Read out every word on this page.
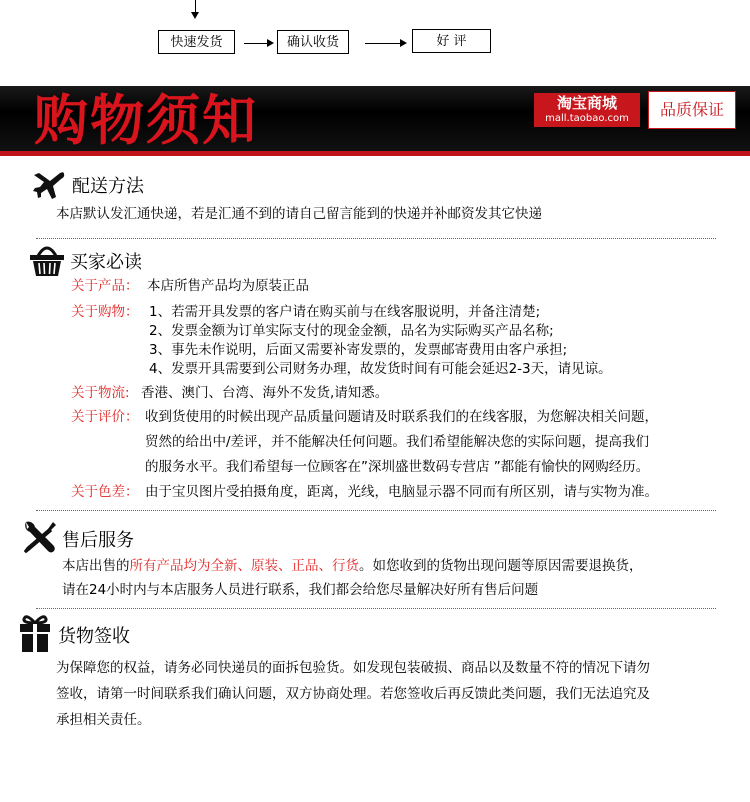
快速发货	确认收货	好 评
购物须知	淘宝商城
mall.taobao.com	品质保证
配送方法
本店默认发汇通快递，若是汇通不到的请自己留言能到的快递并补邮资发其它快递
买家必读
关于产品： 本店所售产品均为原装正品
关于购物： 1、若需开具发票的客户请在购买前与在线客服说明，并备注清楚;
2、发票金额为订单实际支付的现金金额，品名为实际购买产品名称;
3、事先未作说明，后面又需要补寄发票的，发票邮寄费用由客户承担;
4、发票开具需要到公司财务办理，故发货时间有可能会延迟2-3天，请见谅。
关于物流: 香港、澳门、台湾、海外不发货,请知悉。
关于评价： 收到货使用的时候出现产品质量问题请及时联系我们的在线客服，为您解决相关问题，
贸然的给出中/差评，并不能解决任何问题。我们希望能解决您的实际问题，提高我们
的服务水平。我们希望每一位顾客在”深圳盛世数码专营店 ”都能有愉快的网购经历。
关于色差： 由于宝贝图片受拍摄角度，距离，光线，电脑显示器不同而有所区别，请与实物为准。
售后服务
本店出售的所有产品均为全新、原装、正品、行货。如您收到的货物出现问题等原因需要退换货，
请在24小时内与本店服务人员进行联系，我们都会给您尽量解决好所有售后问题
货物签收
为保障您的权益，请务必同快递员的面拆包验货。如发现包装破损、商品以及数量不符的情况下请勿
签收，请第一时间联系我们确认问题，双方协商处理。若您签收后再反馈此类问题，我们无法追究及
承担相关责任。
